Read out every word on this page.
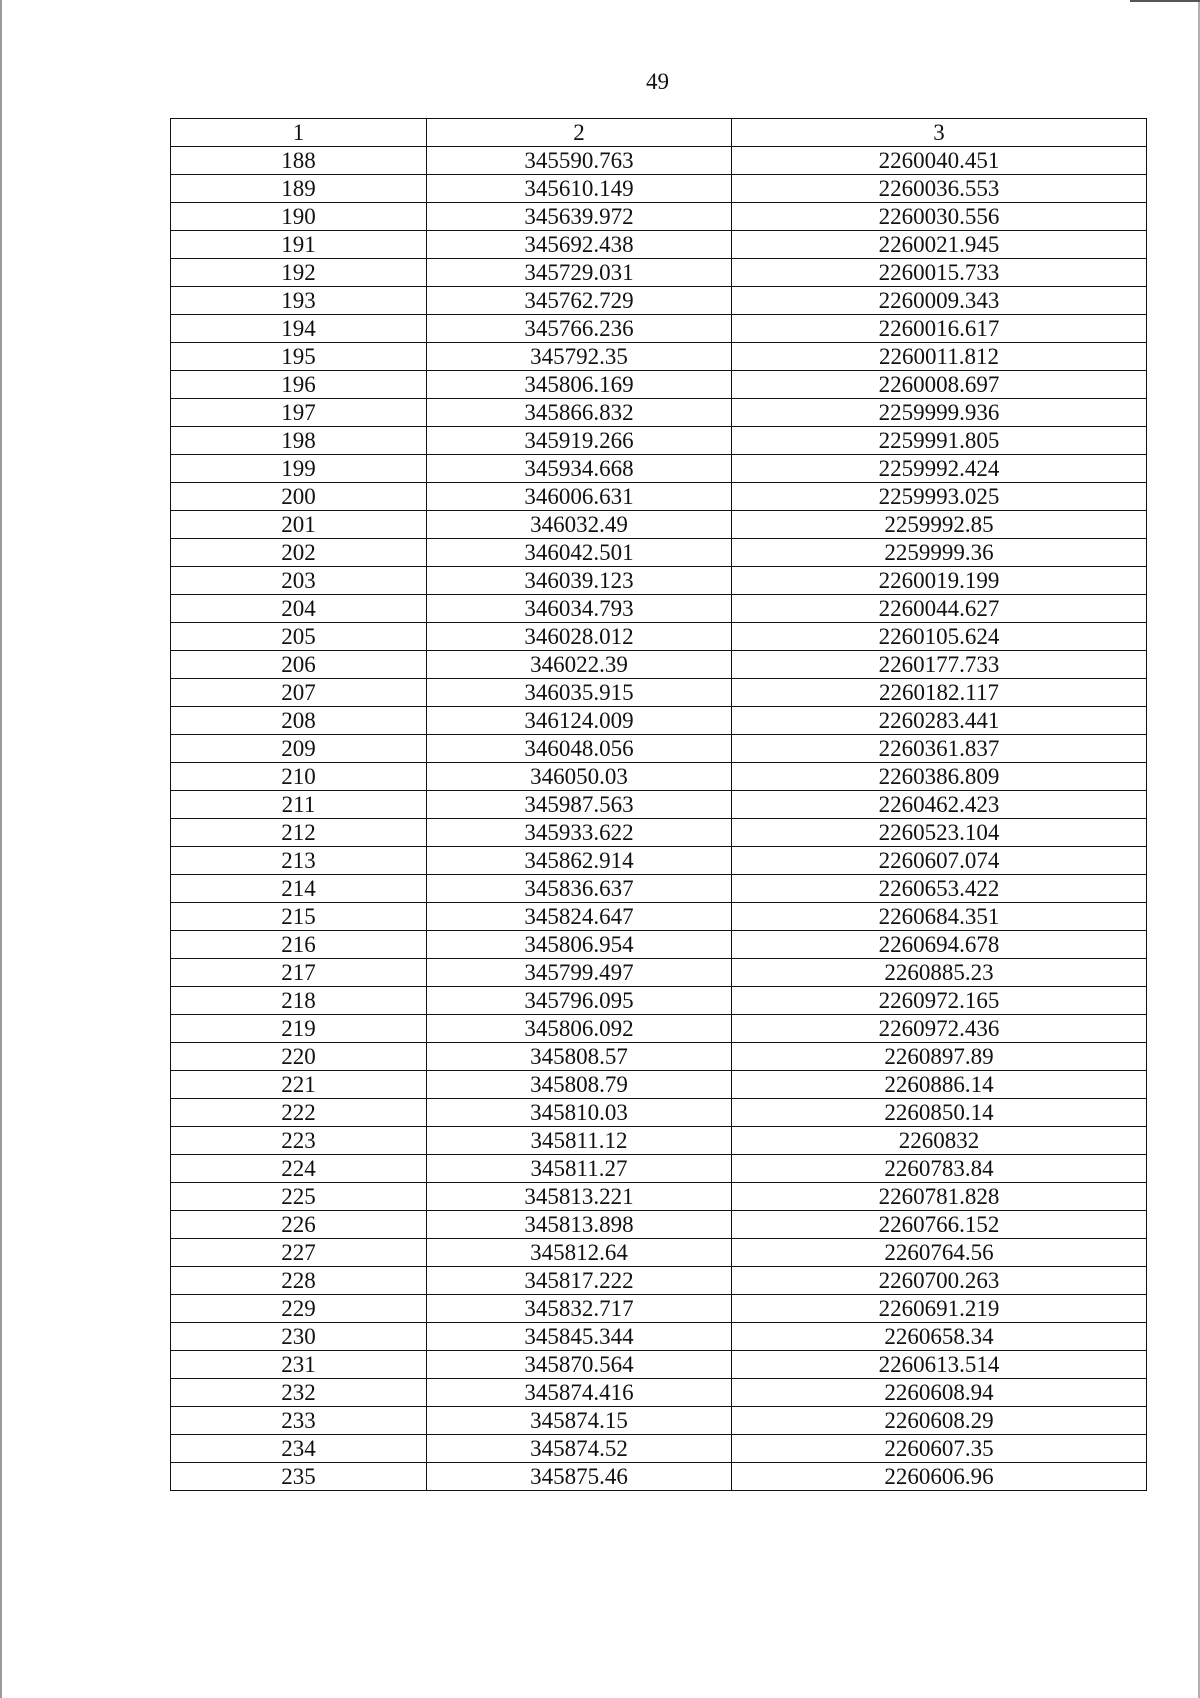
49
1	2	3
188	345590.763	2260040.451
189	345610.149	2260036.553
190	345639.972	2260030.556
191	345692.438	2260021.945
192	345729.031	2260015.733
193	345762.729	2260009.343
194	345766.236	2260016.617
195	345792.35	2260011.812
196	345806.169	2260008.697
197	345866.832	2259999.936
198	345919.266	2259991.805
199	345934.668	2259992.424
200	346006.631	2259993.025
201	346032.49	2259992.85
202	346042.501	2259999.36
203	346039.123	2260019.199
204	346034.793	2260044.627
205	346028.012	2260105.624
206	346022.39	2260177.733
207	346035.915	2260182.117
208	346124.009	2260283.441
209	346048.056	2260361.837
210	346050.03	2260386.809
211	345987.563	2260462.423
212	345933.622	2260523.104
213	345862.914	2260607.074
214	345836.637	2260653.422
215	345824.647	2260684.351
216	345806.954	2260694.678
217	345799.497	2260885.23
218	345796.095	2260972.165
219	345806.092	2260972.436
220	345808.57	2260897.89
221	345808.79	2260886.14
222	345810.03	2260850.14
223	345811.12	2260832
224	345811.27	2260783.84
225	345813.221	2260781.828
226	345813.898	2260766.152
227	345812.64	2260764.56
228	345817.222	2260700.263
229	345832.717	2260691.219
230	345845.344	2260658.34
231	345870.564	2260613.514
232	345874.416	2260608.94
233	345874.15	2260608.29
234	345874.52	2260607.35
235	345875.46	2260606.96
